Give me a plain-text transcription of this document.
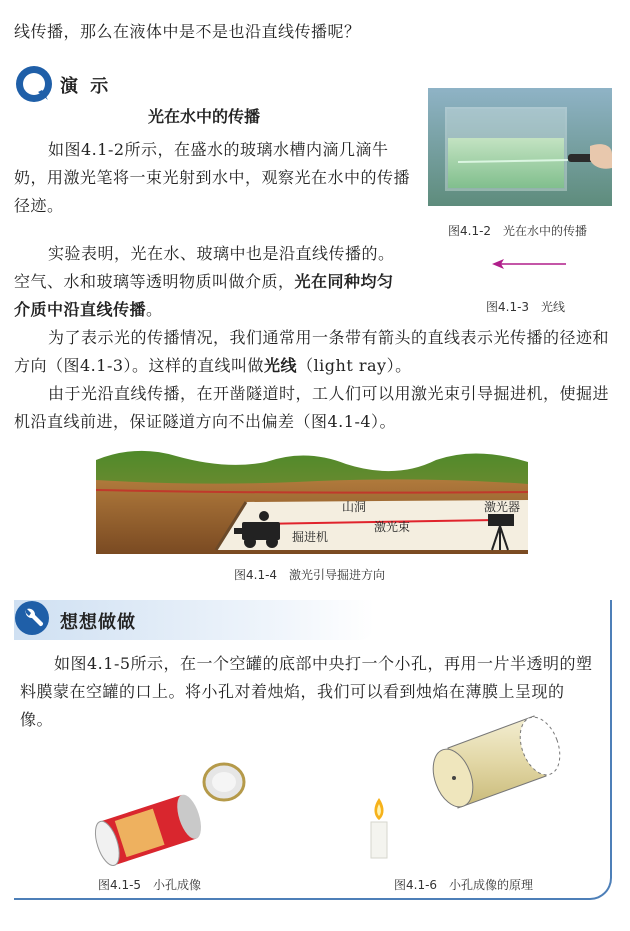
线传播，那么在液体中是不是也沿直线传播呢？
演 示
光在水中的传播
如图4.1-2所示，在盛水的玻璃水槽内滴几滴牛奶，用激光笔将一束光射到水中，观察光在水中的传播径迹。
实验表明，光在水、玻璃中也是沿直线传播的。空气、水和玻璃等透明物质叫做介质，光在同种均匀介质中沿直线传播。
图4.1-2　光在水中的传播
图4.1-3　光线
为了表示光的传播情况，我们通常用一条带有箭头的直线表示光传播的径迹和方向（图4.1-3）。这样的直线叫做光线（light ray）。
由于光沿直线传播，在开凿隧道时，工人们可以用激光束引导掘进机，使掘进机沿直线前进，保证隧道方向不出偏差（图4.1-4）。
山洞	激光器
激光束
掘进机
图4.1-4　激光引导掘进方向
想想做做
如图4.1-5所示，在一个空罐的底部中央打一个小孔，再用一片半透明的塑料膜蒙在空罐的口上。将小孔对着烛焰，我们可以看到烛焰在薄膜上呈现的像。
图4.1-5　小孔成像	图4.1-6　小孔成像的原理
